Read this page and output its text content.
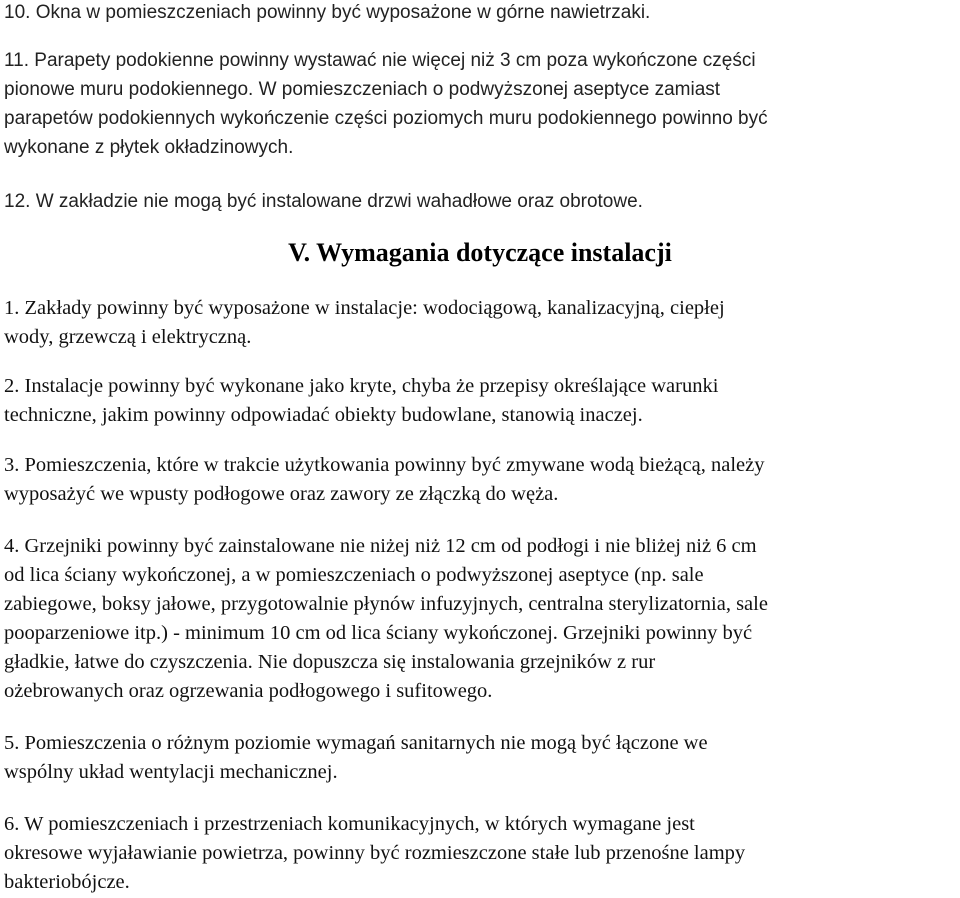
10. Okna w pomieszczeniach powinny być wyposażone w górne nawietrzaki.

11. Parapety podokienne powinny wystawać nie więcej niż 3 cm poza wykończone części
pionowe muru podokiennego. W pomieszczeniach o podwyższonej aseptyce zamiast
parapetów podokiennych wykończenie części poziomych muru podokiennego powinno być
wykonane z płytek okładzinowych.

12. W zakładzie nie mogą być instalowane drzwi wahadłowe oraz obrotowe.

V. Wymagania dotyczące instalacji

1. Zakłady powinny być wyposażone w instalacje: wodociągową, kanalizacyjną, ciepłej
wody, grzewczą i elektryczną.

2. Instalacje powinny być wykonane jako kryte, chyba że przepisy określające warunki
techniczne, jakim powinny odpowiadać obiekty budowlane, stanowią inaczej.

3. Pomieszczenia, które w trakcie użytkowania powinny być zmywane wodą bieżącą, należy
wyposażyć we wpusty podłogowe oraz zawory ze złączką do węża.

4. Grzejniki powinny być zainstalowane nie niżej niż 12 cm od podłogi i nie bliżej niż 6 cm
od lica ściany wykończonej, a w pomieszczeniach o podwyższonej aseptyce (np. sale
zabiegowe, boksy jałowe, przygotowalnie płynów infuzyjnych, centralna sterylizatornia, sale
pooparzeniowe itp.) - minimum 10 cm od lica ściany wykończonej. Grzejniki powinny być
gładkie, łatwe do czyszczenia. Nie dopuszcza się instalowania grzejników z rur
ożebrowanych oraz ogrzewania podłogowego i sufitowego.

5. Pomieszczenia o różnym poziomie wymagań sanitarnych nie mogą być łączone we
wspólny układ wentylacji mechanicznej.

6. W pomieszczeniach i przestrzeniach komunikacyjnych, w których wymagane jest
okresowe wyjaławianie powietrza, powinny być rozmieszczone stałe lub przenośne lampy
bakteriobójcze.
